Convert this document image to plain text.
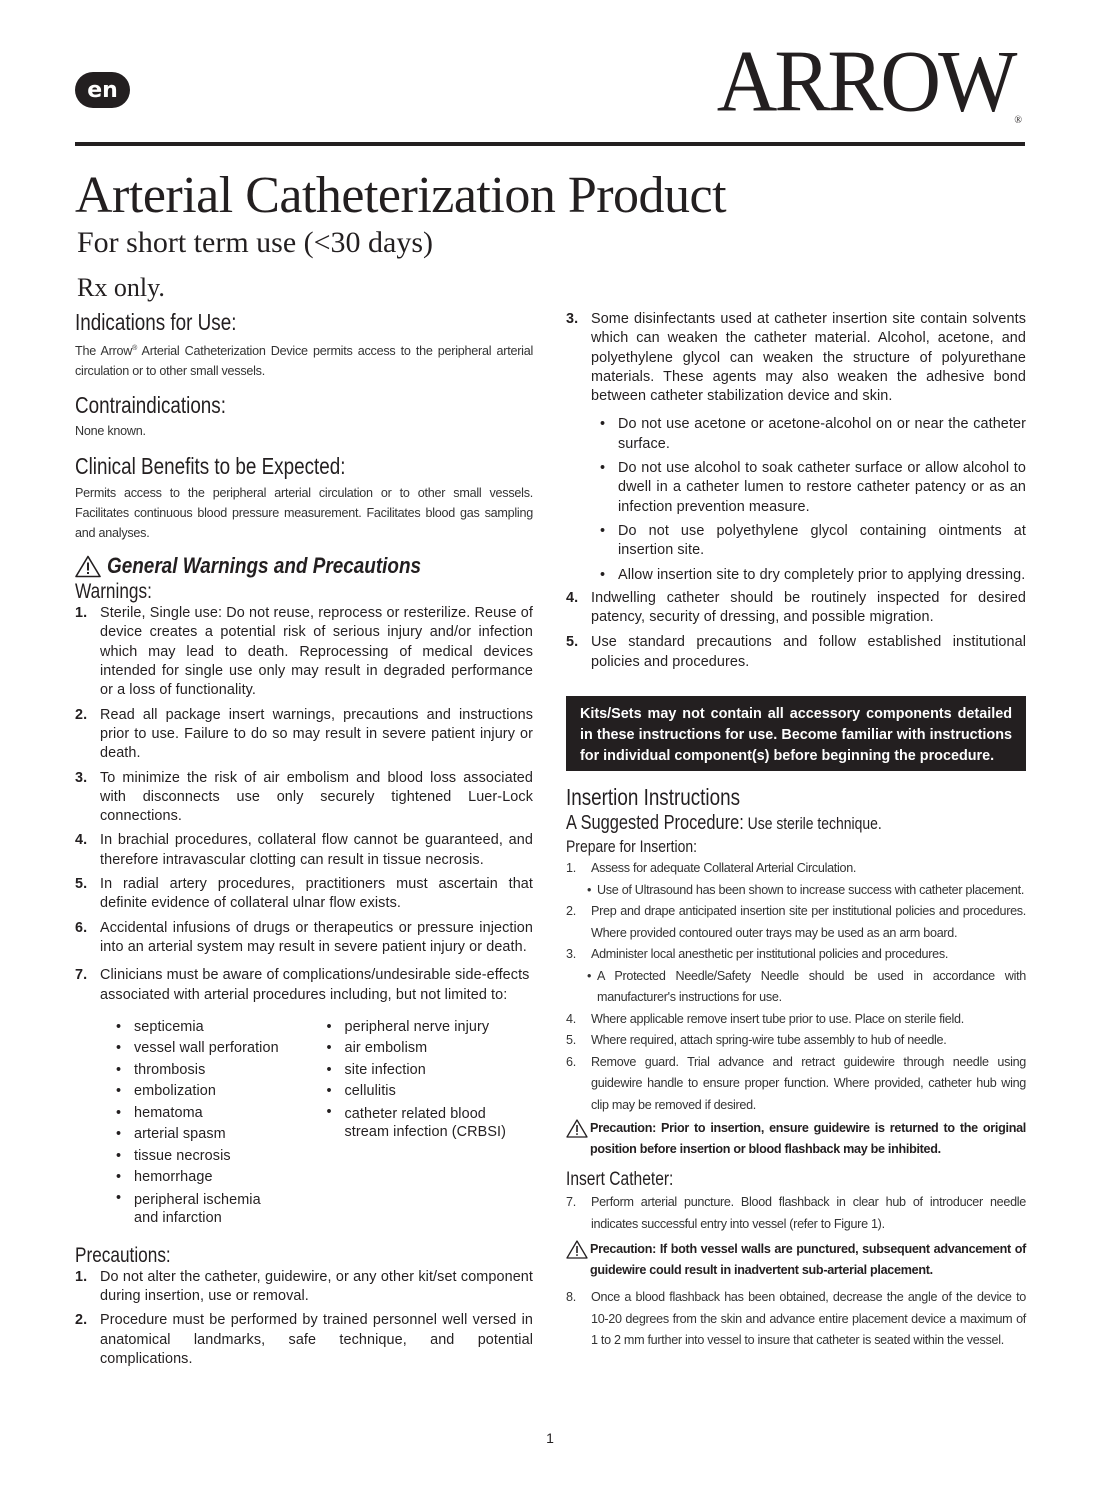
en	ARROW®
Arterial Catheterization Product
For short term use (<30 days)
Rx only.
Indications for Use:

The Arrow® Arterial Catheterization Device permits access to the peripheral arterial circulation or to other small vessels.

Contraindications:

None known.

Clinical Benefits to be Expected:

Permits access to the peripheral arterial circulation or to other small vessels. Facilitates continuous blood pressure measurement. Facilitates blood gas sampling and analyses.

General Warnings and Precautions
Warnings:
1. Sterile, Single use: Do not reuse, reprocess or resterilize. Reuse of device creates a potential risk of serious injury and/or infection which may lead to death. Reprocessing of medical devices intended for single use only may result in degraded performance or a loss of functionality.
2. Read all package insert warnings, precautions and instructions prior to use. Failure to do so may result in severe patient injury or death.
3. To minimize the risk of air embolism and blood loss associated with disconnects use only securely tightened Luer-Lock connections.
4. In brachial procedures, collateral flow cannot be guaranteed, and therefore intravascular clotting can result in tissue necrosis.
5. In radial artery procedures, practitioners must ascertain that definite evidence of collateral ulnar flow exists.
6. Accidental infusions of drugs or therapeutics or pressure injection into an arterial system may result in severe patient injury or death.
7. Clinicians must be aware of complications/undesirable side-effects associated with arterial procedures including, but not limited to:
• septicemia
• vessel wall perforation
• thrombosis
• embolization
• hematoma
• arterial spasm
• tissue necrosis
• hemorrhage
• peripheral ischemia and infarction
• peripheral nerve injury
• air embolism
• site infection
• cellulitis
• catheter related blood stream infection (CRBSI)
Precautions:
1. Do not alter the catheter, guidewire, or any other kit/set component during insertion, use or removal.
2. Procedure must be performed by trained personnel well versed in anatomical landmarks, safe technique, and potential complications.
3. Some disinfectants used at catheter insertion site contain solvents which can weaken the catheter material. Alcohol, acetone, and polyethylene glycol can weaken the structure of polyurethane materials. These agents may also weaken the adhesive bond between catheter stabilization device and skin.
• Do not use acetone or acetone-alcohol on or near the catheter surface.
• Do not use alcohol to soak catheter surface or allow alcohol to dwell in a catheter lumen to restore catheter patency or as an infection prevention measure.
• Do not use polyethylene glycol containing ointments at insertion site.
• Allow insertion site to dry completely prior to applying dressing.
4. Indwelling catheter should be routinely inspected for desired patency, security of dressing, and possible migration.
5. Use standard precautions and follow established institutional policies and procedures.
Kits/Sets may not contain all accessory components detailed in these instructions for use. Become familiar with instructions for individual component(s) before beginning the procedure.
Insertion Instructions
A Suggested Procedure: Use sterile technique.
Prepare for Insertion:
1. Assess for adequate Collateral Arterial Circulation.
• Use of Ultrasound has been shown to increase success with catheter placement.
2. Prep and drape anticipated insertion site per institutional policies and procedures. Where provided contoured outer trays may be used as an arm board.
3. Administer local anesthetic per institutional policies and procedures.
• A Protected Needle/Safety Needle should be used in accordance with manufacturer's instructions for use.
4. Where applicable remove insert tube prior to use. Place on sterile field.
5. Where required, attach spring-wire tube assembly to hub of needle.
6. Remove guard. Trial advance and retract guidewire through needle using guidewire handle to ensure proper function. Where provided, catheter hub wing clip may be removed if desired.
Precaution: Prior to insertion, ensure guidewire is returned to the original position before insertion or blood flashback may be inhibited.
Insert Catheter:
7. Perform arterial puncture. Blood flashback in clear hub of introducer needle indicates successful entry into vessel (refer to Figure 1).
Precaution: If both vessel walls are punctured, subsequent advancement of guidewire could result in inadvertent sub-arterial placement.
8. Once a blood flashback has been obtained, decrease the angle of the device to 10-20 degrees from the skin and advance entire placement device a maximum of 1 to 2 mm further into vessel to insure that catheter is seated within the vessel.
1
